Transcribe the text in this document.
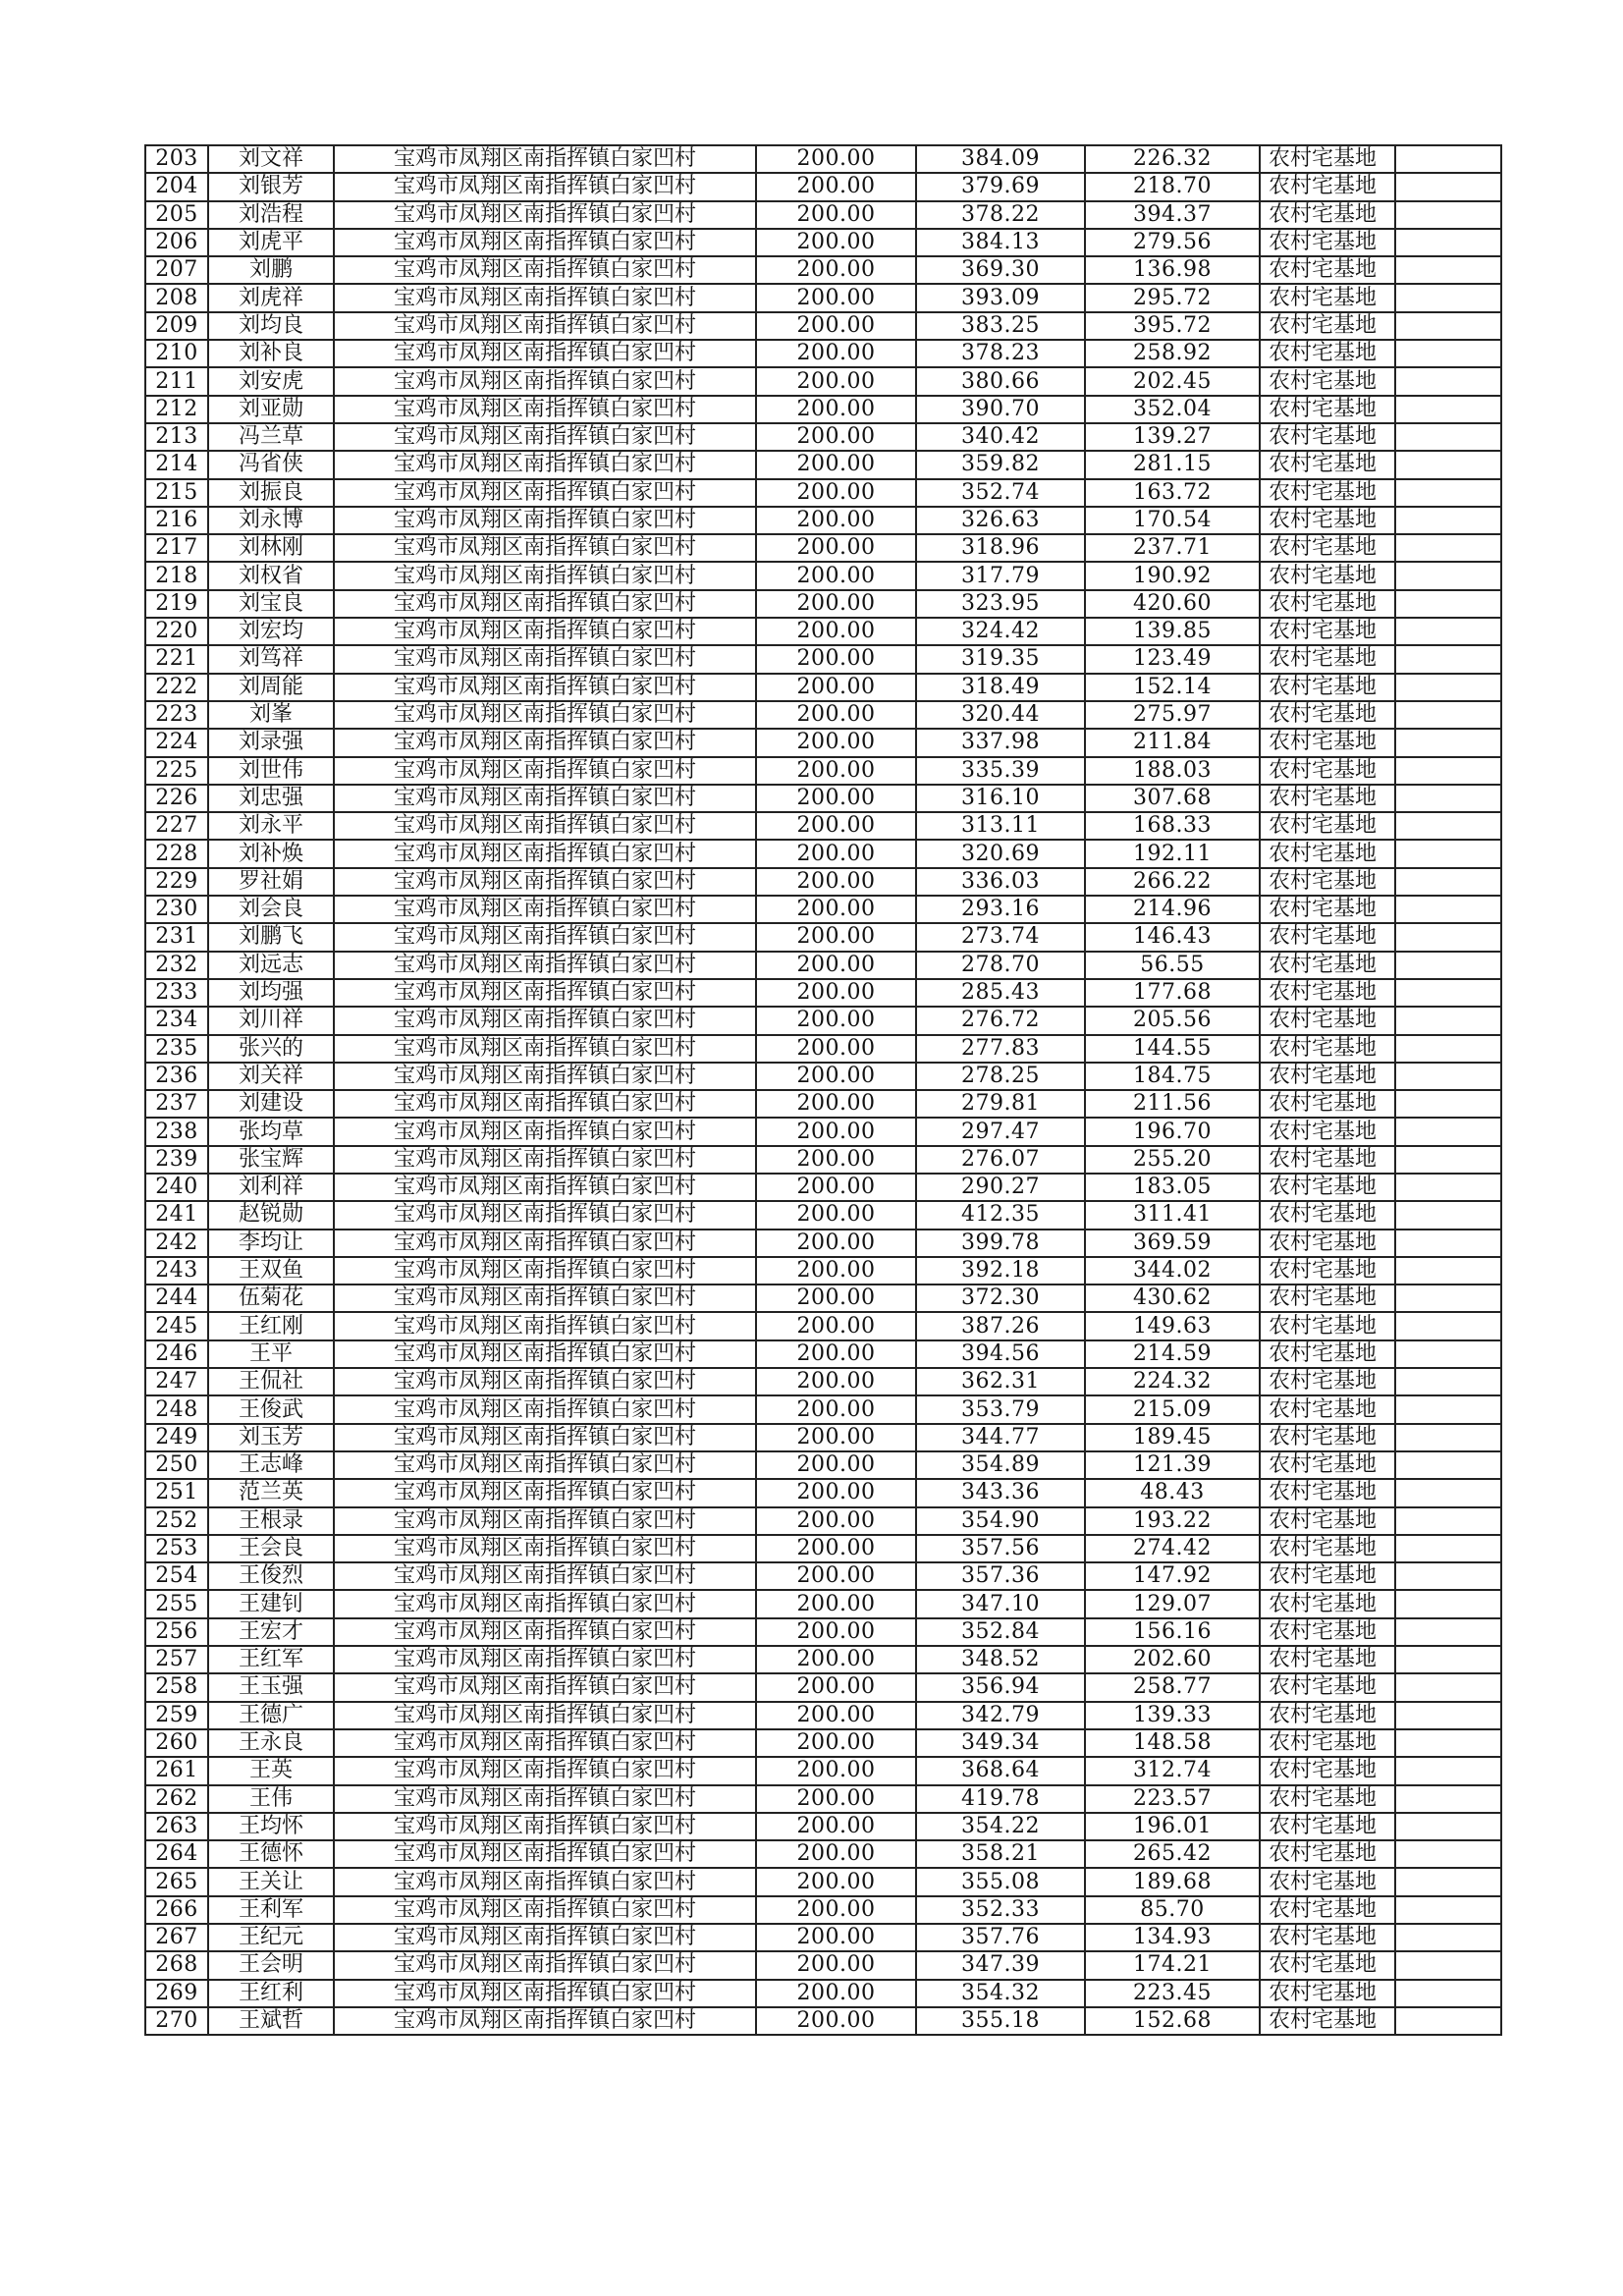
203	刘文祥	宝鸡市凤翔区南指挥镇白家凹村	200.00	384.09	226.32	农村宅基地	
204	刘银芳	宝鸡市凤翔区南指挥镇白家凹村	200.00	379.69	218.70	农村宅基地	
205	刘浩程	宝鸡市凤翔区南指挥镇白家凹村	200.00	378.22	394.37	农村宅基地	
206	刘虎平	宝鸡市凤翔区南指挥镇白家凹村	200.00	384.13	279.56	农村宅基地	
207	刘鹏	宝鸡市凤翔区南指挥镇白家凹村	200.00	369.30	136.98	农村宅基地	
208	刘虎祥	宝鸡市凤翔区南指挥镇白家凹村	200.00	393.09	295.72	农村宅基地	
209	刘均良	宝鸡市凤翔区南指挥镇白家凹村	200.00	383.25	395.72	农村宅基地	
210	刘补良	宝鸡市凤翔区南指挥镇白家凹村	200.00	378.23	258.92	农村宅基地	
211	刘安虎	宝鸡市凤翔区南指挥镇白家凹村	200.00	380.66	202.45	农村宅基地	
212	刘亚勋	宝鸡市凤翔区南指挥镇白家凹村	200.00	390.70	352.04	农村宅基地	
213	冯兰草	宝鸡市凤翔区南指挥镇白家凹村	200.00	340.42	139.27	农村宅基地	
214	冯省侠	宝鸡市凤翔区南指挥镇白家凹村	200.00	359.82	281.15	农村宅基地	
215	刘振良	宝鸡市凤翔区南指挥镇白家凹村	200.00	352.74	163.72	农村宅基地	
216	刘永博	宝鸡市凤翔区南指挥镇白家凹村	200.00	326.63	170.54	农村宅基地	
217	刘林刚	宝鸡市凤翔区南指挥镇白家凹村	200.00	318.96	237.71	农村宅基地	
218	刘权省	宝鸡市凤翔区南指挥镇白家凹村	200.00	317.79	190.92	农村宅基地	
219	刘宝良	宝鸡市凤翔区南指挥镇白家凹村	200.00	323.95	420.60	农村宅基地	
220	刘宏均	宝鸡市凤翔区南指挥镇白家凹村	200.00	324.42	139.85	农村宅基地	
221	刘笃祥	宝鸡市凤翔区南指挥镇白家凹村	200.00	319.35	123.49	农村宅基地	
222	刘周能	宝鸡市凤翔区南指挥镇白家凹村	200.00	318.49	152.14	农村宅基地	
223	刘峯	宝鸡市凤翔区南指挥镇白家凹村	200.00	320.44	275.97	农村宅基地	
224	刘录强	宝鸡市凤翔区南指挥镇白家凹村	200.00	337.98	211.84	农村宅基地	
225	刘世伟	宝鸡市凤翔区南指挥镇白家凹村	200.00	335.39	188.03	农村宅基地	
226	刘忠强	宝鸡市凤翔区南指挥镇白家凹村	200.00	316.10	307.68	农村宅基地	
227	刘永平	宝鸡市凤翔区南指挥镇白家凹村	200.00	313.11	168.33	农村宅基地	
228	刘补焕	宝鸡市凤翔区南指挥镇白家凹村	200.00	320.69	192.11	农村宅基地	
229	罗社娟	宝鸡市凤翔区南指挥镇白家凹村	200.00	336.03	266.22	农村宅基地	
230	刘会良	宝鸡市凤翔区南指挥镇白家凹村	200.00	293.16	214.96	农村宅基地	
231	刘鹏飞	宝鸡市凤翔区南指挥镇白家凹村	200.00	273.74	146.43	农村宅基地	
232	刘远志	宝鸡市凤翔区南指挥镇白家凹村	200.00	278.70	56.55	农村宅基地	
233	刘均强	宝鸡市凤翔区南指挥镇白家凹村	200.00	285.43	177.68	农村宅基地	
234	刘川祥	宝鸡市凤翔区南指挥镇白家凹村	200.00	276.72	205.56	农村宅基地	
235	张兴的	宝鸡市凤翔区南指挥镇白家凹村	200.00	277.83	144.55	农村宅基地	
236	刘关祥	宝鸡市凤翔区南指挥镇白家凹村	200.00	278.25	184.75	农村宅基地	
237	刘建设	宝鸡市凤翔区南指挥镇白家凹村	200.00	279.81	211.56	农村宅基地	
238	张均草	宝鸡市凤翔区南指挥镇白家凹村	200.00	297.47	196.70	农村宅基地	
239	张宝辉	宝鸡市凤翔区南指挥镇白家凹村	200.00	276.07	255.20	农村宅基地	
240	刘利祥	宝鸡市凤翔区南指挥镇白家凹村	200.00	290.27	183.05	农村宅基地	
241	赵锐勋	宝鸡市凤翔区南指挥镇白家凹村	200.00	412.35	311.41	农村宅基地	
242	李均让	宝鸡市凤翔区南指挥镇白家凹村	200.00	399.78	369.59	农村宅基地	
243	王双鱼	宝鸡市凤翔区南指挥镇白家凹村	200.00	392.18	344.02	农村宅基地	
244	伍菊花	宝鸡市凤翔区南指挥镇白家凹村	200.00	372.30	430.62	农村宅基地	
245	王红刚	宝鸡市凤翔区南指挥镇白家凹村	200.00	387.26	149.63	农村宅基地	
246	王平	宝鸡市凤翔区南指挥镇白家凹村	200.00	394.56	214.59	农村宅基地	
247	王侃社	宝鸡市凤翔区南指挥镇白家凹村	200.00	362.31	224.32	农村宅基地	
248	王俊武	宝鸡市凤翔区南指挥镇白家凹村	200.00	353.79	215.09	农村宅基地	
249	刘玉芳	宝鸡市凤翔区南指挥镇白家凹村	200.00	344.77	189.45	农村宅基地	
250	王志峰	宝鸡市凤翔区南指挥镇白家凹村	200.00	354.89	121.39	农村宅基地	
251	范兰英	宝鸡市凤翔区南指挥镇白家凹村	200.00	343.36	48.43	农村宅基地	
252	王根录	宝鸡市凤翔区南指挥镇白家凹村	200.00	354.90	193.22	农村宅基地	
253	王会良	宝鸡市凤翔区南指挥镇白家凹村	200.00	357.56	274.42	农村宅基地	
254	王俊烈	宝鸡市凤翔区南指挥镇白家凹村	200.00	357.36	147.92	农村宅基地	
255	王建钊	宝鸡市凤翔区南指挥镇白家凹村	200.00	347.10	129.07	农村宅基地	
256	王宏才	宝鸡市凤翔区南指挥镇白家凹村	200.00	352.84	156.16	农村宅基地	
257	王红军	宝鸡市凤翔区南指挥镇白家凹村	200.00	348.52	202.60	农村宅基地	
258	王玉强	宝鸡市凤翔区南指挥镇白家凹村	200.00	356.94	258.77	农村宅基地	
259	王德广	宝鸡市凤翔区南指挥镇白家凹村	200.00	342.79	139.33	农村宅基地	
260	王永良	宝鸡市凤翔区南指挥镇白家凹村	200.00	349.34	148.58	农村宅基地	
261	王英	宝鸡市凤翔区南指挥镇白家凹村	200.00	368.64	312.74	农村宅基地	
262	王伟	宝鸡市凤翔区南指挥镇白家凹村	200.00	419.78	223.57	农村宅基地	
263	王均怀	宝鸡市凤翔区南指挥镇白家凹村	200.00	354.22	196.01	农村宅基地	
264	王德怀	宝鸡市凤翔区南指挥镇白家凹村	200.00	358.21	265.42	农村宅基地	
265	王关让	宝鸡市凤翔区南指挥镇白家凹村	200.00	355.08	189.68	农村宅基地	
266	王利军	宝鸡市凤翔区南指挥镇白家凹村	200.00	352.33	85.70	农村宅基地	
267	王纪元	宝鸡市凤翔区南指挥镇白家凹村	200.00	357.76	134.93	农村宅基地	
268	王会明	宝鸡市凤翔区南指挥镇白家凹村	200.00	347.39	174.21	农村宅基地	
269	王红利	宝鸡市凤翔区南指挥镇白家凹村	200.00	354.32	223.45	农村宅基地	
270	王斌哲	宝鸡市凤翔区南指挥镇白家凹村	200.00	355.18	152.68	农村宅基地	
